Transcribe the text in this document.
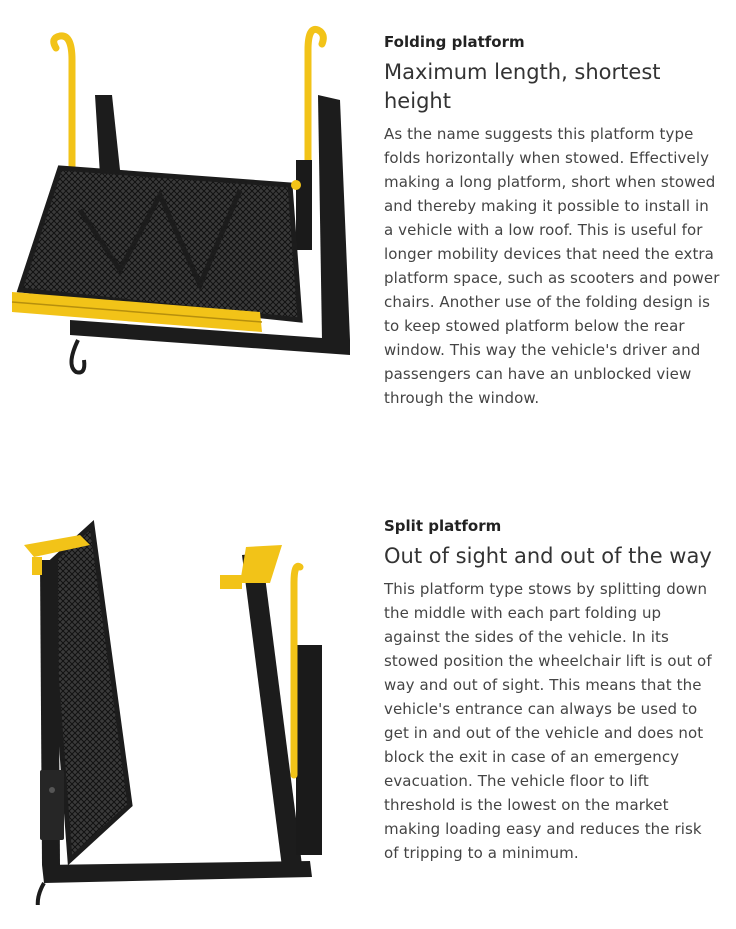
Folding platform
Maximum length, shortest height

As the name suggests this platform type folds horizontally when stowed. Effectively making a long platform, short when stowed and thereby making it possible to install in a vehicle with a low roof. This is useful for longer mobility devices that need the extra platform space, such as scooters and power chairs. Another use of the folding design is to keep stowed platform below the rear window. This way the vehicle's driver and passengers can have an unblocked view through the window.

Split platform
Out of sight and out of the way

This platform type stows by splitting down the middle with each part folding up against the sides of the vehicle. In its stowed position the wheelchair lift is out of way and out of sight. This means that the vehicle's entrance can always be used to get in and out of the vehicle and does not block the exit in case of an emergency evacuation. The vehicle floor to lift threshold is the lowest on the market making loading easy and reduces the risk of tripping to a minimum.
